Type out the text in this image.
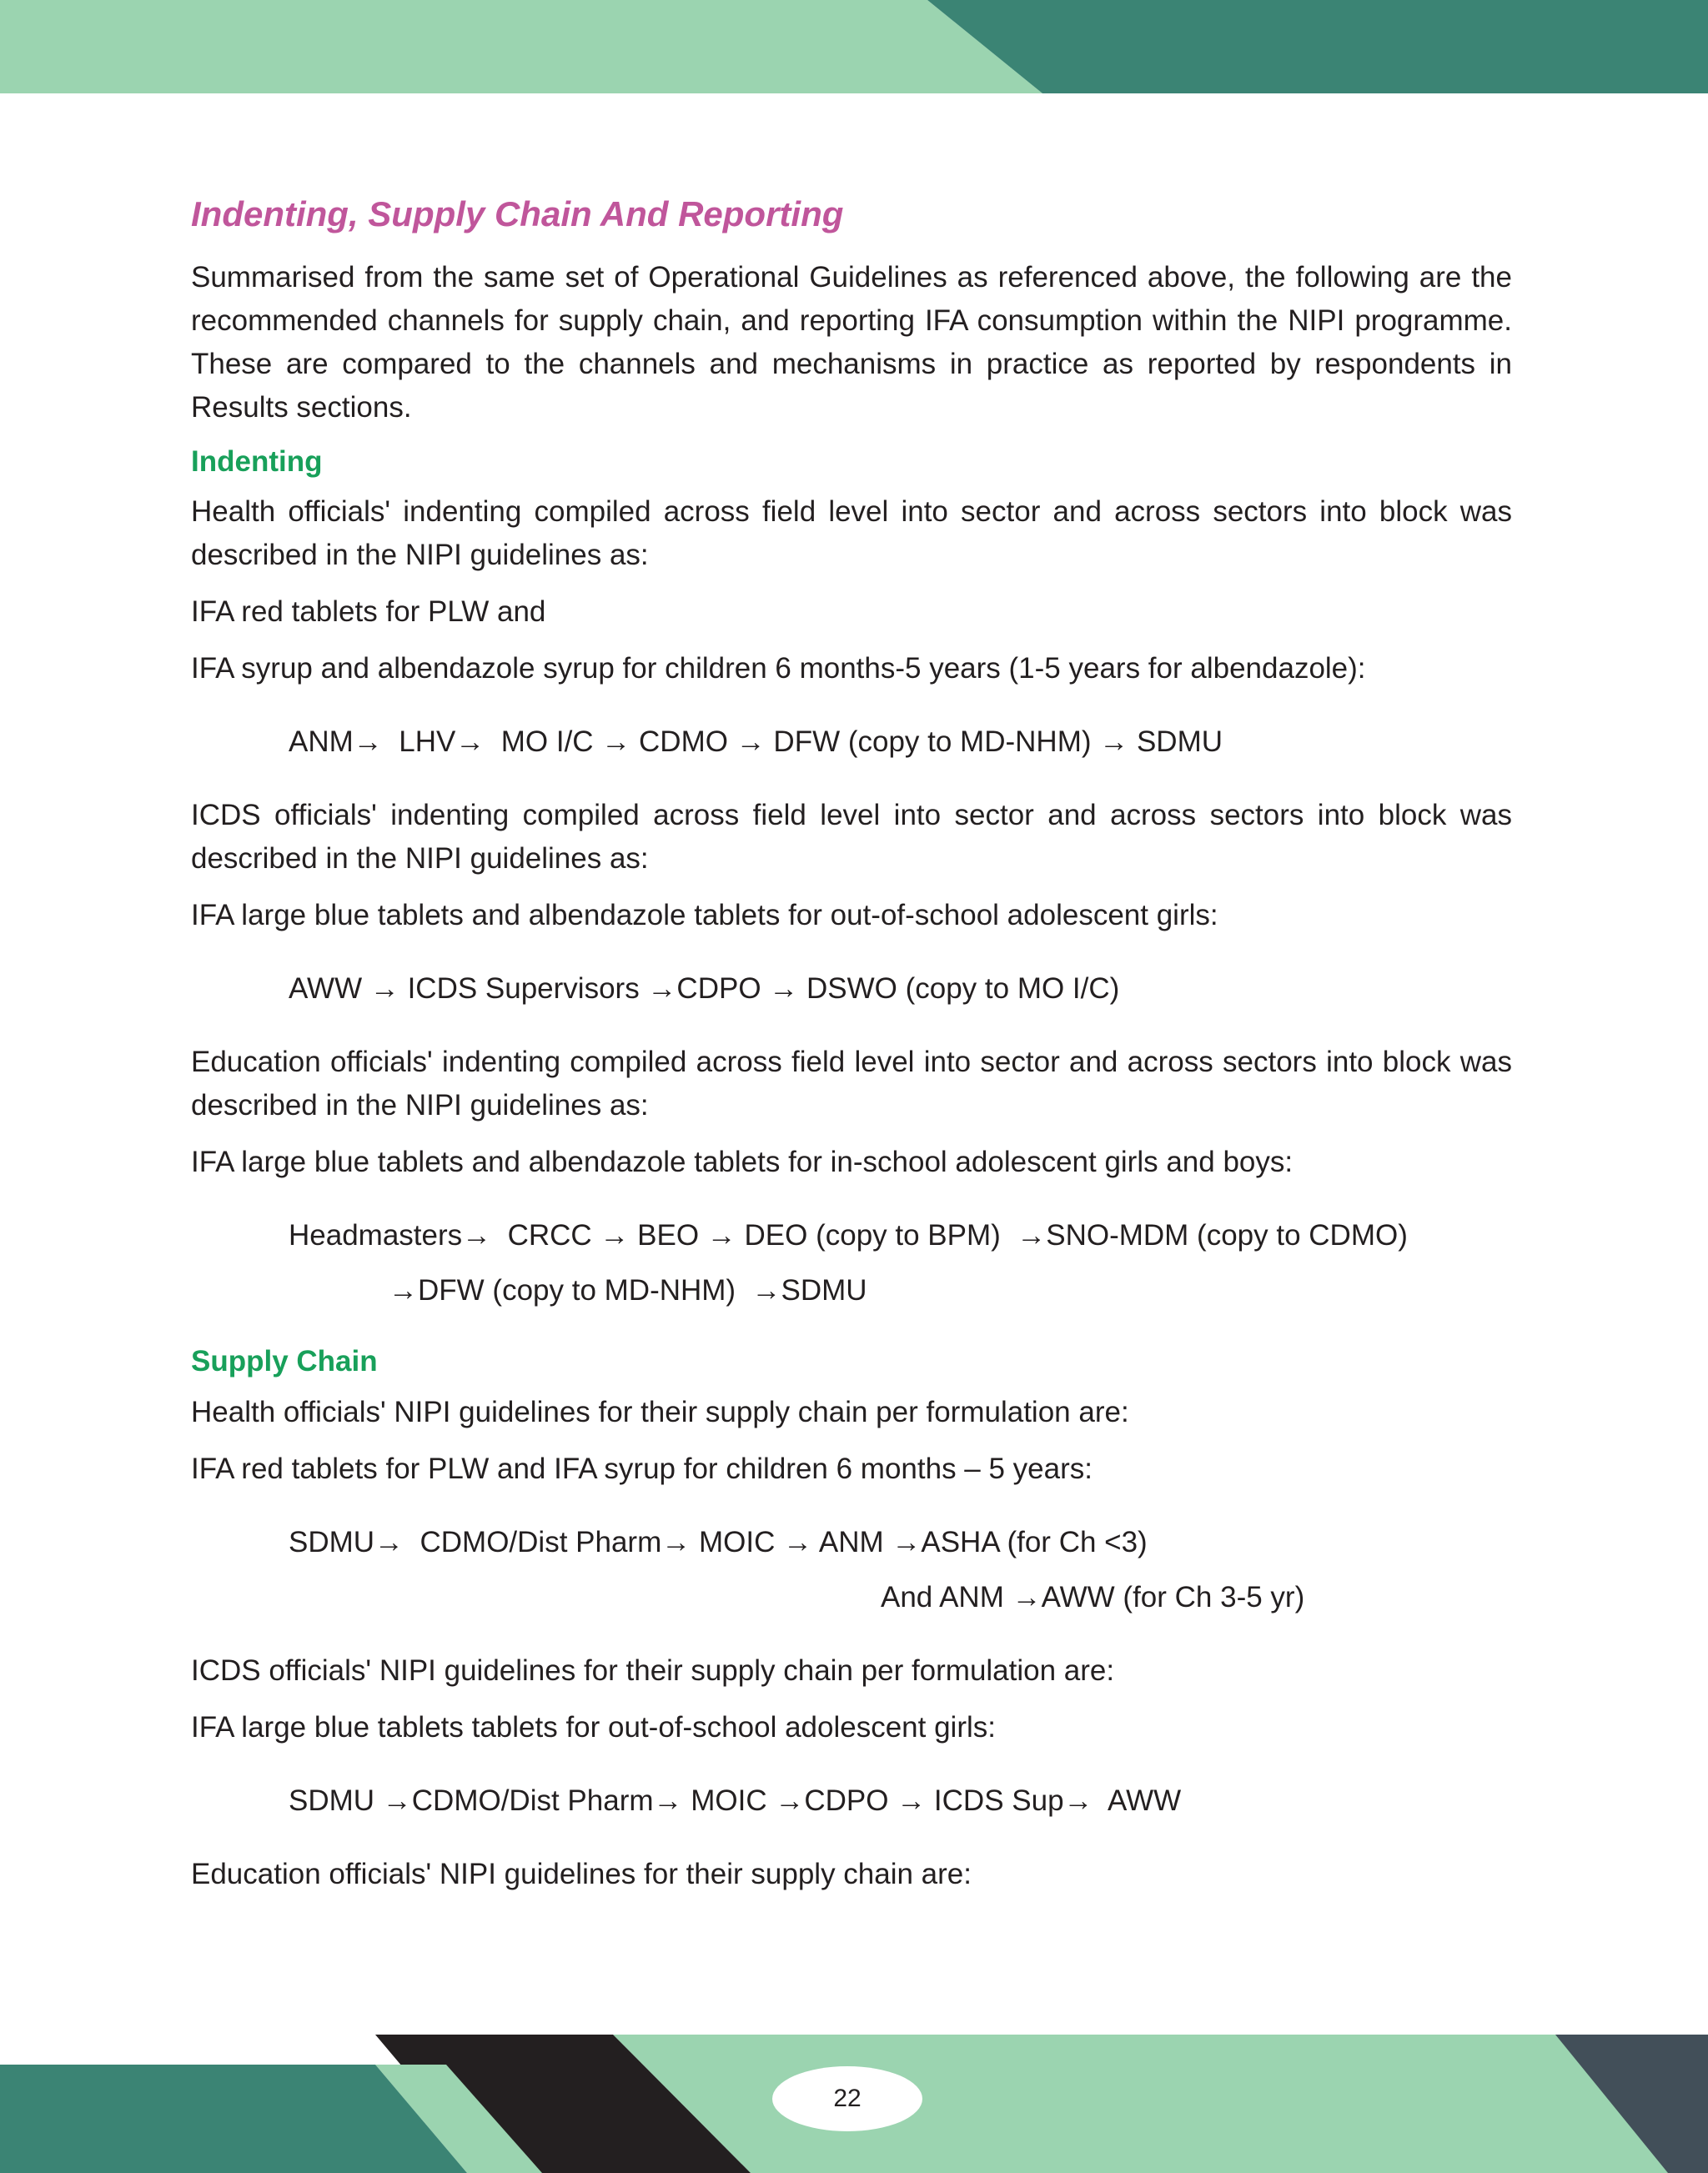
Indenting, Supply Chain And Reporting

Summarised from the same set of Operational Guidelines as referenced above, the following are the recommended channels for supply chain, and reporting IFA consumption within the NIPI programme. These are compared to the channels and mechanisms in practice as reported by respondents in Results sections.

Indenting

Health officials' indenting compiled across field level into sector and across sectors into block was described in the NIPI guidelines as:

IFA red tablets for PLW and

IFA syrup and albendazole syrup for children 6 months-5 years (1-5 years for albendazole):

ANM→  LHV→  MO I/C → CDMO → DFW (copy to MD-NHM) → SDMU

ICDS officials' indenting compiled across field level into sector and across sectors into block was described in the NIPI guidelines as:

IFA large blue tablets and albendazole tablets for out-of-school adolescent girls:

AWW → ICDS Supervisors →CDPO → DSWO (copy to MO I/C)

Education officials' indenting compiled across field level into sector and across sectors into block was described in the NIPI guidelines as:

IFA large blue tablets and albendazole tablets for in-school adolescent girls and boys:

Headmasters→  CRCC → BEO → DEO (copy to BPM)  →SNO-MDM (copy to CDMO)
→DFW (copy to MD-NHM)  →SDMU
Supply Chain

Health officials' NIPI guidelines for their supply chain per formulation are:

IFA red tablets for PLW and IFA syrup for children 6 months – 5 years:

SDMU→  CDMO/Dist Pharm→ MOIC → ANM →ASHA (for Ch <3)
And ANM →AWW (for Ch 3-5 yr)

ICDS officials' NIPI guidelines for their supply chain per formulation are:

IFA large blue tablets tablets for out-of-school adolescent girls:

SDMU →CDMO/Dist Pharm→ MOIC →CDPO → ICDS Sup→  AWW

Education officials' NIPI guidelines for their supply chain are:

22
